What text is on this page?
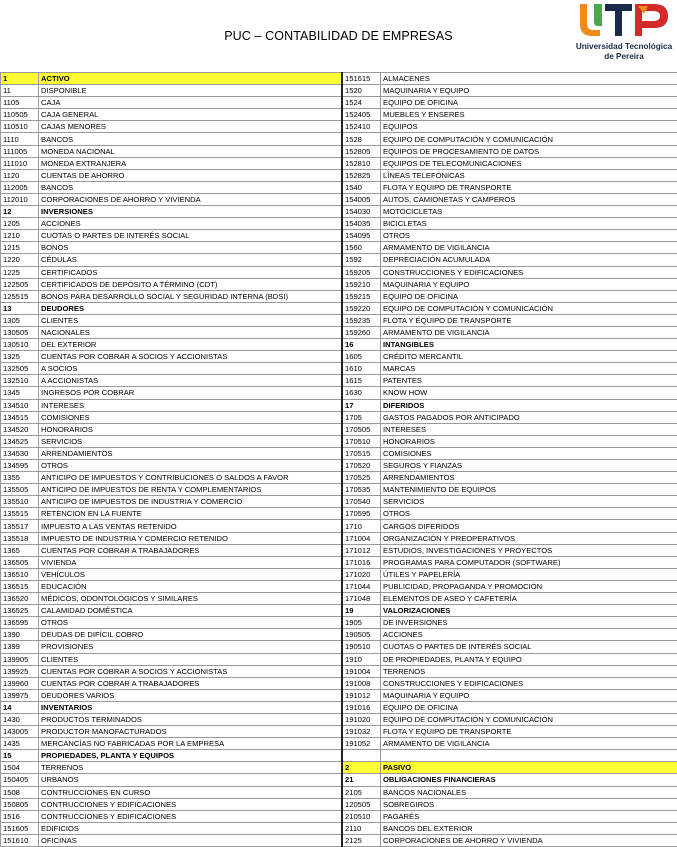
PUC – CONTABILIDAD DE EMPRESAS
Universidad Tecnológica
de Pereira
1	ACTIVO	151615	ALMACENES
11	DISPONIBLE	1520	MAQUINARIA Y EQUIPO
1105	CAJA	1524	EQUIPO DE OFICINA
110505	CAJA GENERAL	152405	MUEBLES Y ENSERES
110510	CAJAS MENORES	152410	EQUIPOS
1110	BANCOS	1528	EQUIPO DE COMPUTACIÓN Y COMUNICACIÓN
111005	MONEDA NACIONAL	152805	EQUIPOS DE PROCESAMIENTO DE DATOS
111010	MONEDA EXTRANJERA	152810	EQUIPOS DE TELECOMUNICACIONES
1120	CUENTAS DE AHORRO	152825	LÍNEAS TELEFÓNICAS
112005	BANCOS	1540	FLOTA Y EQUIPO DE TRANSPORTE
112010	CORPORACIONES DE AHORRO Y VIVIENDA	154005	AUTOS, CAMIONETAS Y CAMPEROS
12	INVERSIONES	154030	MOTOCICLETAS
1205	ACCIONES	154035	BICICLETAS
1210	CUOTAS O PARTES DE INTERÉS SOCIAL	154095	OTROS
1215	BONOS	1560	ARMAMENTO DE VIGILANCIA
1220	CÉDULAS	1592	DEPRECIACIÓN ACUMULADA
1225	CERTIFICADOS	159205	CONSTRUCCIONES Y EDIFICACIONES
122505	CERTIFICADOS DE DEPÓSITO A TÉRMINO (CDT)	159210	MAQUINARIA Y EQUIPO
125515	BONOS PARA DESARROLLO SOCIAL Y SEGURIDAD INTERNA (BDSI)	159215	EQUIPO DE OFICINA
13	DEUDORES	159220	EQUIPO DE COMPUTACIÓN Y COMUNICACIÓN
1305	CLIENTES	159235	FLOTA Y EQUIPO DE TRANSPORTE
130505	NACIONALES	159260	ARMAMENTO DE VIGILANCIA
130510	DEL EXTERIOR	16	INTANGIBLES
1325	CUENTAS POR COBRAR A SOCIOS Y ACCIONISTAS	1605	CRÉDITO MERCANTIL
132505	A SOCIOS	1610	MARCAS
132510	A ACCIONISTAS	1615	PATENTES
1345	INGRESOS POR COBRAR	1630	KNOW HOW
134510	INTERESES	17	DIFERIDOS
134515	COMISIONES	1705	GASTOS PAGADOS POR ANTICIPADO
134520	HONORARIOS	170505	INTERESES
134525	SERVICIOS	170510	HONORARIOS
134530	ARRENDAMIENTOS	170515	COMISIONES
134595	OTROS	170520	SEGUROS Y FIANZAS
1355	ANTICIPO DE IMPUESTOS Y CONTRIBUCIONES O SALDOS A FAVOR	170525	ARRENDAMIENTOS
135505	ANTICIPO DE IMPUESTOS DE RENTA Y COMPLEMENTARIOS	170535	MANTENIMIENTO DE EQUIPOS
135510	ANTICIPO DE IMPUESTOS DE INDUSTRIA Y COMERCIO	170540	SERVICIOS
135515	RETENCION EN LA FUENTE	170595	OTROS
135517	IMPUESTO A LAS VENTAS RETENIDO	1710	CARGOS DIFERIDOS
135518	IMPUESTO DE INDUSTRIA Y COMERCIO RETENIDO	171004	ORGANIZACIÓN Y PREOPERATIVOS
1365	CUENTAS POR COBRAR A TRABAJADORES	171012	ESTUDIOS, INVESTIGACIONES Y PROYECTOS
136505	VIVIENDA	171016	PROGRAMAS PARA COMPUTADOR (SOFTWARE)
136510	VEHÍCULOS	171020	ÚTILES Y PAPELERÍA
136515	EDUCACIÓN	171044	PUBLICIDAD, PROPAGANDA Y PROMOCIÓN
136520	MÉDICOS, ODONTOLÓGICOS Y SIMILARES	171048	ELEMENTOS DE ASEO Y CAFETERÍA
136525	CALAMIDAD DOMÉSTICA	19	VALORIZACIONES
136595	OTROS	1905	DE INVERSIONES
1390	DEUDAS DE DIFÍCIL COBRO	190505	ACCIONES
1399	PROVISIONES	190510	CUOTAS O PARTES DE INTERÉS SOCIAL
139905	CLIENTES	1910	DE PROPIEDADES, PLANTA Y EQUIPO
139925	CUENTAS POR COBRAR A SOCIOS Y ACCIONISTAS	191004	TERRENOS
139960	CUENTAS POR COBRAR A TRABAJADORES	191008	CONSTRUCCIONES Y EDIFICACIONES
139975	DEUDORES VARIOS	191012	MAQUINARIA Y EQUIPO
14	INVENTARIOS	191016	EQUIPO DE OFICINA
1430	PRODUCTOS TERMINADOS	191020	EQUIPO DE COMPUTACIÓN Y COMUNICACIÓN
143005	PRODUCTOR MANOFACTURADOS	191032	FLOTA Y EQUIPO DE TRANSPORTE
1435	MERCANCÍAS NO FABRICADAS POR LA EMPRESA	191052	ARMAMENTO DE VIGILANCIA
15	PROPIEDADES, PLANTA Y EQUIPOS		
1504	TERRENOS	2	PASIVO
150405	URBANOS	21	OBLIGACIONES FINANCIERAS
1508	CONTRUCCIONES EN CURSO	2105	BANCOS NACIONALES
150805	CONTRUCCIONES Y EDIFICACIONES	120505	SOBREGIROS
1516	CONTRUCCIONES Y EDIFICACIONES	210510	PAGARÉS
151605	EDIFICIOS	2110	BANCOS DEL EXTERIOR
151610	OFICINAS	2125	CORPORACIONES DE AHORRO Y VIVIENDA
